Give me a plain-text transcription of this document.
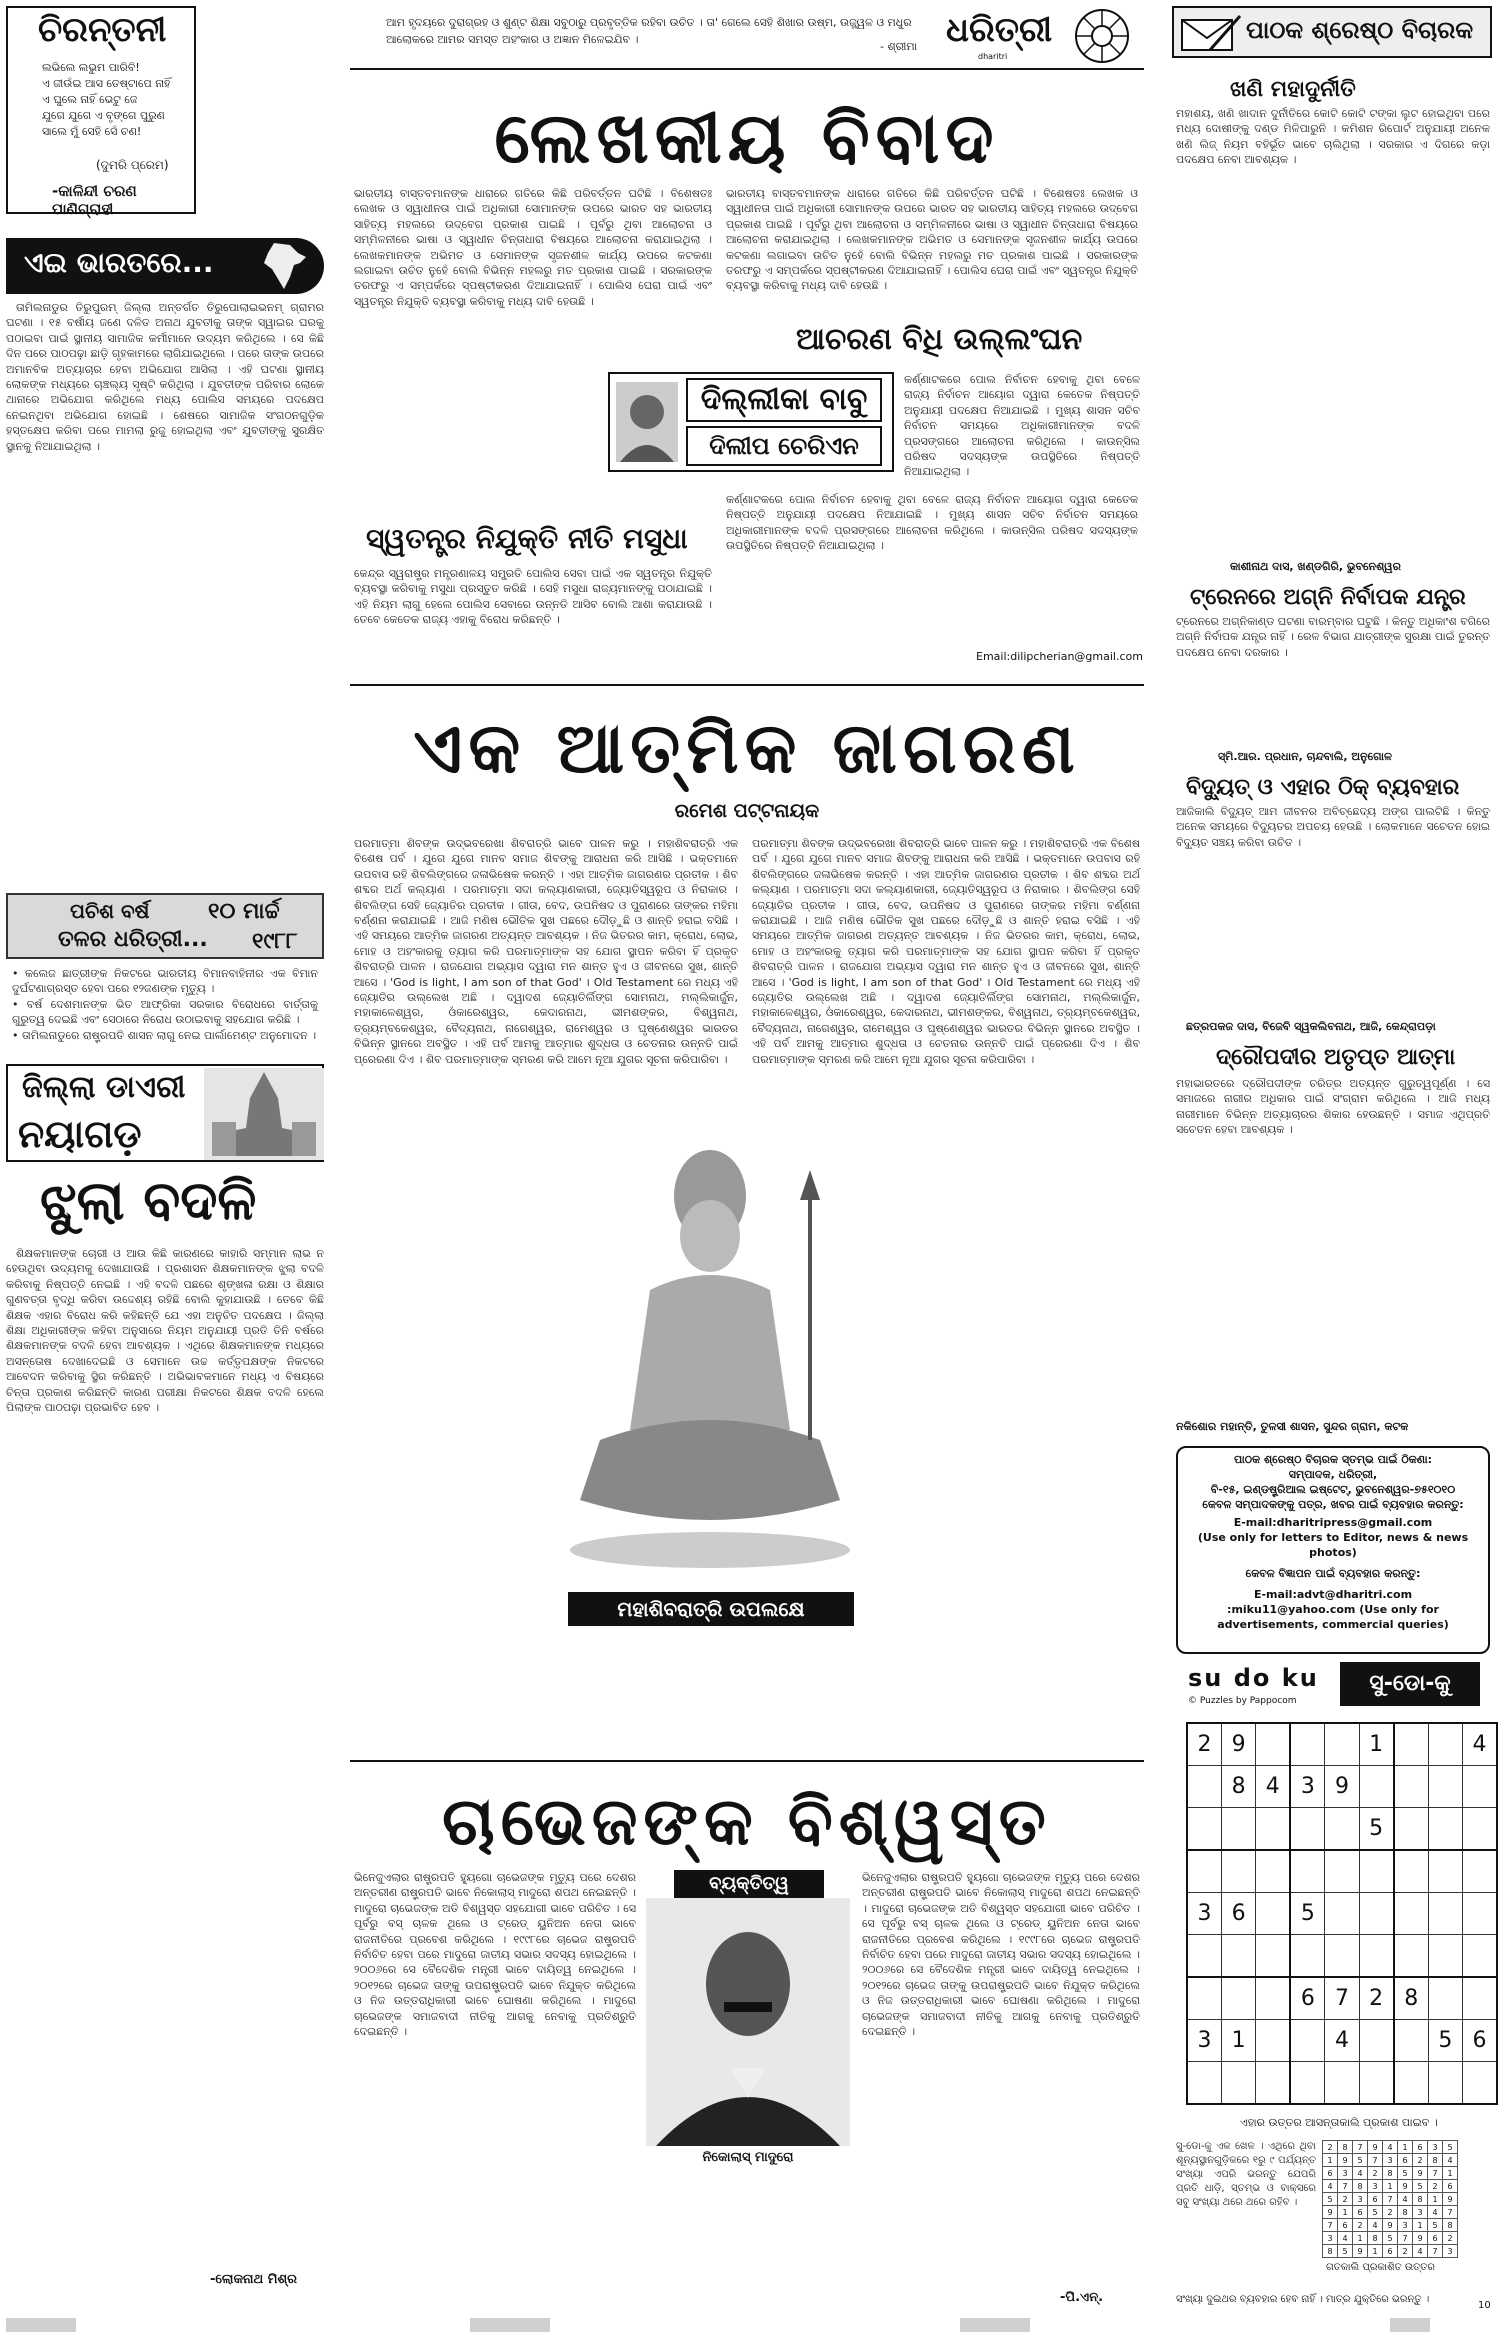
ଚିରନ୍ତନୀ
ଲଭିଲେ ଲଭୁମ ପାରିବି!
ଏ ଜୀଉଁଇ ଆସ ତେଷ୍ଟାପେ ନାହିଁ
ଏ ଘୁଲେ ନାହିଁ ଭେଟୁ ଜେ
ଯୁଗେ ଯୁଗେ ଏ ବୃଙ୍ଗେ ପୁରୁଣ
ସାଲେ ମୁଁ ସେହି ସେଁ ଚଣ!
(ଦୁମରି ପ୍ରେମ)
-କାଳିନ୍ଦୀ ଚରଣ ପାଣିଗ୍ରାହୀ
ଏଇ ଭାରତରେ...
ତାମିଲନାଡୁର ତିରୁପୁରମ୍ ଜିଲ୍ଲା ଅନ୍ତର୍ଗତ ତିରୁପୋଲାଇଭନମ୍ ଗ୍ରାମର ଘଟଣା । ୧୫ ବର୍ଷୀୟ ଜଣେ ଦଳିତ ଅନାଥ ଯୁବତୀକୁ ତାଙ୍କ ସ୍ୱାଇର ଘରକୁ ପଠାଇବା ପାଇଁ ସ୍ଥାନୀୟ ସାମାଜିକ କର୍ମୀମାନେ ଉଦ୍ୟମ କରିଥିଲେ । ସେ କିଛି ଦିନ ପରେ ପାଠପଢ଼ା ଛାଡ଼ି ଗୃହକାମରେ ଲାଗିଯାଇଥିଲେ । ପରେ ତାଙ୍କ ଉପରେ ଅମାନବିକ ଅତ୍ୟାଚାର ହେବା ଅଭିଯୋଗ ଆସିଲା । ଏହି ଘଟଣା ସ୍ଥାନୀୟ ଲୋକଙ୍କ ମଧ୍ୟରେ ଚାଞ୍ଚଲ୍ୟ ସୃଷ୍ଟି କରିଥିଲା । ଯୁବତୀଙ୍କ ପରିବାର ଲୋକେ ଥାନାରେ ଅଭିଯୋଗ କରିଥିଲେ ମଧ୍ୟ ପୋଲିସ ସମୟରେ ପଦକ୍ଷେପ ନେଇନଥିବା ଅଭିଯୋଗ ହୋଇଛି । ଶେଷରେ ସାମାଜିକ ସଂଗଠନଗୁଡ଼ିକ ହସ୍ତକ୍ଷେପ କରିବା ପରେ ମାମଲା ରୁଜୁ ହୋଇଥିଲା ଏବଂ ଯୁବତୀଙ୍କୁ ସୁରକ୍ଷିତ ସ୍ଥାନକୁ ନିଆଯାଇଥିଲା ।
ପଚିଶ ବର୍ଷ	୧୦ ମାର୍ଚ୍ଚ
ତଳର ଧରିତ୍ରୀ... ୧୯୮୮
• କଲେଜ ଛାତ୍ରୀଙ୍କ ନିକଟରେ ଭାରତୀୟ ବିମାନବାହିନୀର ଏକ ବିମାନ ଦୁର୍ଘଟଣାଗ୍ରସ୍ତ ହେବା ପରେ ୧୨ଜଣଙ୍କ ମୃତ୍ୟୁ ।
• ବର୍ଷ ଦେଶମାନଙ୍କ ଭିତ ଆଫ୍ରିକା ସରକାର ବିରୋଧରେ ବାର୍ତ୍ତାକୁ ଗୁରୁତ୍ୱ ଦେଇଛି ଏବଂ ସେଠାରେ ନିରୋଧ ଉଠାଇବାକୁ ସହଯୋଗ କରିଛି ।
• ତାମିଲନାଡୁରେ ରାଷ୍ଟ୍ରପତି ଶାସନ ଲାଗୁ ନେଇ ପାର୍ଲାମେଣ୍ଟ ଅନୁମୋଦନ ।
ଜିଲ୍ଲା ଡାଏରୀ
ନୟାଗଡ଼
ଝୁଲା ବଦଳି
ଶିକ୍ଷକମାନଙ୍କ ଚୋରୀ ଓ ଆଉ କିଛି କାରଣରେ କାହାରି ସମ୍ମାନ ଲାଭ ନ ହେଉଥିବା ଉଦ୍ୟମକୁ ଦେଖାଯାଉଛି । ପ୍ରଶାସନ ଶିକ୍ଷକମାନଙ୍କ ଝୁଲା ବଦଳି କରିବାକୁ ନିଷ୍ପତ୍ତି ନେଇଛି । ଏହି ବଦଳି ପଛରେ ଶୃଙ୍ଖଳା ରକ୍ଷା ଓ ଶିକ୍ଷାର ଗୁଣବତ୍ତା ବୃଦ୍ଧି କରିବା ଉଦ୍ଦେଶ୍ୟ ରହିଛି ବୋଲି କୁହାଯାଉଛି । ତେବେ କିଛି ଶିକ୍ଷକ ଏହାର ବିରୋଧ କରି କହିଛନ୍ତି ଯେ ଏହା ଅନୁଚିତ ପଦକ୍ଷେପ । ଜିଲ୍ଲା ଶିକ୍ଷା ଅଧିକାରୀଙ୍କ କହିବା ଅନୁସାରେ ନିୟମ ଅନୁଯାୟୀ ପ୍ରତି ତିନି ବର୍ଷରେ ଶିକ୍ଷକମାନଙ୍କ ବଦଳି ହେବା ଆବଶ୍ୟକ । ଏଥିରେ ଶିକ୍ଷକମାନଙ୍କ ମଧ୍ୟରେ ଅସନ୍ତୋଷ ଦେଖାଦେଇଛି ଓ ସେମାନେ ଉଚ୍ଚ କର୍ତ୍ତୃପକ୍ଷଙ୍କ ନିକଟରେ ଆବେଦନ କରିବାକୁ ସ୍ଥିର କରିଛନ୍ତି । ଅଭିଭାବକମାନେ ମଧ୍ୟ ଏ ବିଷୟରେ ଚିନ୍ତା ପ୍ରକାଶ କରିଛନ୍ତି କାରଣ ପରୀକ୍ଷା ନିକଟରେ ଶିକ୍ଷକ ବଦଳି ହେଲେ ପିଲାଙ୍କ ପାଠପଢ଼ା ପ୍ରଭାବିତ ହେବ ।
-ଲୋକନାଥ ମିଶ୍ର
ଆମ ହୃଦୟରେ ଦୁରାଗ୍ରହ ଓ ଶୁଣ୍ଟ ଶିକ୍ଷା ସବୁଠାରୁ ପ୍ରବୃତ୍ତିକ ରହିବା ଉଚିତ । ତା' ଗେଲେ ସେହି ଶିଖାର ଉଷ୍ମ, ଉଜ୍ଜ୍ୱଳ ଓ ମଧୁର ଆଲୋକରେ ଆମର ସମସ୍ତ ଅହଂକାର ଓ ଅଜ୍ଞାନ ମିଳେଇଯିବ ।
- ଶ୍ରୀମା ଧରିତ୍ରୀ
dharitri
ଲେଖକୀୟ ବିବାଦ
ଭାରତୀୟ ବାସ୍ତବମାନଙ୍କ ଧାରାରେ ଗତିରେ କିଛି ପରିବର୍ତ୍ତନ ଘଟିଛି । ବିଶେଷତଃ ଲେଖକ ଓ ସ୍ୱାଧୀନତା ପାଇଁ ଅଧିକାରୀ ସୋମାନଙ୍କ ଉପରେ ଭାରତ ସହ ଭାରତୀୟ ସାହିତ୍ୟ ମହଲରେ ଉଦ୍ବେଗ ପ୍ରକାଶ ପାଇଛି । ପୂର୍ବରୁ ଥିବା ଆଲୋଚନା ଓ ସମ୍ମିଳନୀରେ ଭାଷା ଓ ସ୍ୱାଧୀନ ଚିନ୍ତାଧାରା ବିଷୟରେ ଆଲୋଚନା କରାଯାଇଥିଲା । ଲେଖକମାନଙ୍କ ଅଭିମତ ଓ ସେମାନଙ୍କ ସୃଜନଶୀଳ କାର୍ଯ୍ୟ ଉପରେ କଟକଣା ଲଗାଇବା ଉଚିତ ନୁହେଁ ବୋଲି ବିଭିନ୍ନ ମହଲରୁ ମତ ପ୍ରକାଶ ପାଇଛି । ସରକାରଙ୍କ ତରଫରୁ ଏ ସମ୍ପର୍କରେ ସ୍ପଷ୍ଟୀକରଣ ଦିଆଯାଇନାହିଁ । ପୋଲିସ ଘେରା ପାଇଁ ଏବଂ ସ୍ୱତନ୍ତ୍ର ନିଯୁକ୍ତି ବ୍ୟବସ୍ଥା କରିବାକୁ ମଧ୍ୟ ଦାବି ହେଉଛି ।
ଭାରତୀୟ ବାସ୍ତବମାନଙ୍କ ଧାରାରେ ଗତିରେ କିଛି ପରିବର୍ତ୍ତନ ଘଟିଛି । ବିଶେଷତଃ ଲେଖକ ଓ ସ୍ୱାଧୀନତା ପାଇଁ ଅଧିକାରୀ ସୋମାନଙ୍କ ଉପରେ ଭାରତ ସହ ଭାରତୀୟ ସାହିତ୍ୟ ମହଲରେ ଉଦ୍ବେଗ ପ୍ରକାଶ ପାଇଛି । ପୂର୍ବରୁ ଥିବା ଆଲୋଚନା ଓ ସମ୍ମିଳନୀରେ ଭାଷା ଓ ସ୍ୱାଧୀନ ଚିନ୍ତାଧାରା ବିଷୟରେ ଆଲୋଚନା କରାଯାଇଥିଲା । ଲେଖକମାନଙ୍କ ଅଭିମତ ଓ ସେମାନଙ୍କ ସୃଜନଶୀଳ କାର୍ଯ୍ୟ ଉପରେ କଟକଣା ଲଗାଇବା ଉଚିତ ନୁହେଁ ବୋଲି ବିଭିନ୍ନ ମହଲରୁ ମତ ପ୍ରକାଶ ପାଇଛି । ସରକାରଙ୍କ ତରଫରୁ ଏ ସମ୍ପର୍କରେ ସ୍ପଷ୍ଟୀକରଣ ଦିଆଯାଇନାହିଁ । ପୋଲିସ ଘେରା ପାଇଁ ଏବଂ ସ୍ୱତନ୍ତ୍ର ନିଯୁକ୍ତି ବ୍ୟବସ୍ଥା କରିବାକୁ ମଧ୍ୟ ଦାବି ହେଉଛି ।
ଆଚରଣ ବିଧି ଉଲ୍ଲଂଘନ
ଦିଲ୍ଲୀକା ବାବୁ
ଦିଲୀପ ଚେରିଏନ
କର୍ଣ୍ଣାଟକରେ ପୋଲ ନିର୍ବାଚନ ହେବାକୁ ଥିବା ବେଳେ ରାଜ୍ୟ ନିର୍ବାଚନ ଆୟୋଗ ଦ୍ୱାରା କେତେକ ନିଷ୍ପତ୍ତି ଅନୁଯାୟୀ ପଦକ୍ଷେପ ନିଆଯାଇଛି । ମୁଖ୍ୟ ଶାସନ ସଚିବ ନିର୍ବାଚନ ସମୟରେ ଅଧିକାରୀମାନଙ୍କ ବଦଳି ପ୍ରସଙ୍ଗରେ ଆଲୋଚନା କରିଥିଲେ । କାଉନ୍ସିଲ ପରିଷଦ ସଦସ୍ୟଙ୍କ ଉପସ୍ଥିତିରେ ନିଷ୍ପତ୍ତି ନିଆଯାଇଥିଲା ।
ସ୍ୱତନ୍ତ୍ର ନିଯୁକ୍ତି ନୀତି ମସୁଧା
କେନ୍ଦ୍ର ସ୍ୱରାଷ୍ଟ୍ର ମନ୍ତ୍ରଣାଳୟ ସମ୍ପ୍ରତି ପୋଲିସ ସେବା ପାଇଁ ଏକ ସ୍ୱତନ୍ତ୍ର ନିଯୁକ୍ତି ବ୍ୟବସ୍ଥା କରିବାକୁ ମସୁଧା ପ୍ରସ୍ତୁତ କରିଛି । ସେହି ମସୁଧା ରାଜ୍ୟମାନଙ୍କୁ ପଠାଯାଇଛି । ଏହି ନିୟମ ଲାଗୁ ହେଲେ ପୋଲିସ ସେବାରେ ଉନ୍ନତି ଆସିବ ବୋଲି ଆଶା କରାଯାଉଛି । ତେବେ କେତେକ ରାଜ୍ୟ ଏହାକୁ ବିରୋଧ କରିଛନ୍ତି ।
କର୍ଣ୍ଣାଟକରେ ପୋଲ ନିର୍ବାଚନ ହେବାକୁ ଥିବା ବେଳେ ରାଜ୍ୟ ନିର୍ବାଚନ ଆୟୋଗ ଦ୍ୱାରା କେତେକ ନିଷ୍ପତ୍ତି ଅନୁଯାୟୀ ପଦକ୍ଷେପ ନିଆଯାଇଛି । ମୁଖ୍ୟ ଶାସନ ସଚିବ ନିର୍ବାଚନ ସମୟରେ ଅଧିକାରୀମାନଙ୍କ ବଦଳି ପ୍ରସଙ୍ଗରେ ଆଲୋଚନା କରିଥିଲେ । କାଉନ୍ସିଲ ପରିଷଦ ସଦସ୍ୟଙ୍କ ଉପସ୍ଥିତିରେ ନିଷ୍ପତ୍ତି ନିଆଯାଇଥିଲା ।
Email:dilipcherian@gmail.com
ଏକ ଆତ୍ମିକ ଜାଗରଣ
ରମେଶ ପଟ୍ଟନାୟକ
ପରମାତ୍ମା ଶିବଙ୍କ ଉଦ୍ଭବରେଖା ଶିବରାତ୍ରି ଭାବେ ପାଳନ କରୁ । ମହାଶିବରାତ୍ରି ଏକ ବିଶେଷ ପର୍ବ । ଯୁଗେ ଯୁଗେ ମାନବ ସମାଜ ଶିବଙ୍କୁ ଆରାଧନା କରି ଆସିଛି । ଭକ୍ତମାନେ ଉପବାସ ରହି ଶିବଲିଙ୍ଗରେ ଜଳାଭିଷେକ କରନ୍ତି । ଏହା ଆତ୍ମିକ ଜାଗରଣର ପ୍ରତୀକ । ଶିବ ଶବ୍ଦର ଅର୍ଥ କଲ୍ୟାଣ । ପରମାତ୍ମା ସଦା କଲ୍ୟାଣକାରୀ, ଜ୍ୟୋତିସ୍ୱରୂପ ଓ ନିରାକାର । ଶିବଲିଙ୍ଗ ସେହି ଜ୍ୟୋତିର ପ୍ରତୀକ । ଗୀତା, ବେଦ, ଉପନିଷଦ ଓ ପୁରାଣରେ ତାଙ୍କର ମହିମା ବର୍ଣ୍ଣନା କରାଯାଇଛି । ଆଜି ମଣିଷ ଭୌତିକ ସୁଖ ପଛରେ ଦୌଡ଼ୁଛି ଓ ଶାନ୍ତି ହରାଇ ବସିଛି । ଏହି ସମୟରେ ଆତ୍ମିକ ଜାଗରଣ ଅତ୍ୟନ୍ତ ଆବଶ୍ୟକ । ନିଜ ଭିତରର କାମ, କ୍ରୋଧ, ଲୋଭ, ମୋହ ଓ ଅହଂକାରକୁ ତ୍ୟାଗ କରି ପରମାତ୍ମାଙ୍କ ସହ ଯୋଗ ସ୍ଥାପନ କରିବା ହିଁ ପ୍ରକୃତ ଶିବରାତ୍ରି ପାଳନ । ରାଜଯୋଗ ଅଭ୍ୟାସ ଦ୍ୱାରା ମନ ଶାନ୍ତ ହୁଏ ଓ ଜୀବନରେ ସୁଖ, ଶାନ୍ତି ଆସେ । 'God is light, I am son of that God' । Old Testament ରେ ମଧ୍ୟ ଏହି ଜ୍ୟୋତିର ଉଲ୍ଲେଖ ଅଛି । ଦ୍ୱାଦଶ ଜ୍ୟୋତିର୍ଲିଙ୍ଗ ସୋମନାଥ, ମଲ୍ଲିକାର୍ଜୁନ, ମହାକାଳେଶ୍ୱର, ଓଁକାରେଶ୍ୱର, କେଦାରନାଥ, ଭୀମଶଙ୍କର, ବିଶ୍ୱନାଥ, ତ୍ର୍ୟମ୍ବକେଶ୍ୱର, ବୈଦ୍ୟନାଥ, ନାଗେଶ୍ୱର, ରାମେଶ୍ୱର ଓ ଘୃଷ୍ଣେଶ୍ୱର ଭାରତର ବିଭିନ୍ନ ସ୍ଥାନରେ ଅବସ୍ଥିତ । ଏହି ପର୍ବ ଆମକୁ ଆତ୍ମାର ଶୁଦ୍ଧତା ଓ ଚେତନାର ଉନ୍ନତି ପାଇଁ ପ୍ରେରଣା ଦିଏ । ଶିବ ପରମାତ୍ମାଙ୍କ ସ୍ମରଣ କରି ଆମେ ନୂଆ ଯୁଗର ସୂଚନା କରିପାରିବା ।
ପରମାତ୍ମା ଶିବଙ୍କ ଉଦ୍ଭବରେଖା ଶିବରାତ୍ରି ଭାବେ ପାଳନ କରୁ । ମହାଶିବରାତ୍ରି ଏକ ବିଶେଷ ପର୍ବ । ଯୁଗେ ଯୁଗେ ମାନବ ସମାଜ ଶିବଙ୍କୁ ଆରାଧନା କରି ଆସିଛି । ଭକ୍ତମାନେ ଉପବାସ ରହି ଶିବଲିଙ୍ଗରେ ଜଳାଭିଷେକ କରନ୍ତି । ଏହା ଆତ୍ମିକ ଜାଗରଣର ପ୍ରତୀକ । ଶିବ ଶବ୍ଦର ଅର୍ଥ କଲ୍ୟାଣ । ପରମାତ୍ମା ସଦା କଲ୍ୟାଣକାରୀ, ଜ୍ୟୋତିସ୍ୱରୂପ ଓ ନିରାକାର । ଶିବଲିଙ୍ଗ ସେହି ଜ୍ୟୋତିର ପ୍ରତୀକ । ଗୀତା, ବେଦ, ଉପନିଷଦ ଓ ପୁରାଣରେ ତାଙ୍କର ମହିମା ବର୍ଣ୍ଣନା କରାଯାଇଛି । ଆଜି ମଣିଷ ଭୌତିକ ସୁଖ ପଛରେ ଦୌଡ଼ୁଛି ଓ ଶାନ୍ତି ହରାଇ ବସିଛି । ଏହି ସମୟରେ ଆତ୍ମିକ ଜାଗରଣ ଅତ୍ୟନ୍ତ ଆବଶ୍ୟକ । ନିଜ ଭିତରର କାମ, କ୍ରୋଧ, ଲୋଭ, ମୋହ ଓ ଅହଂକାରକୁ ତ୍ୟାଗ କରି ପରମାତ୍ମାଙ୍କ ସହ ଯୋଗ ସ୍ଥାପନ କରିବା ହିଁ ପ୍ରକୃତ ଶିବରାତ୍ରି ପାଳନ । ରାଜଯୋଗ ଅଭ୍ୟାସ ଦ୍ୱାରା ମନ ଶାନ୍ତ ହୁଏ ଓ ଜୀବନରେ ସୁଖ, ଶାନ୍ତି ଆସେ । 'God is light, I am son of that God' । Old Testament ରେ ମଧ୍ୟ ଏହି ଜ୍ୟୋତିର ଉଲ୍ଲେଖ ଅଛି । ଦ୍ୱାଦଶ ଜ୍ୟୋତିର୍ଲିଙ୍ଗ ସୋମନାଥ, ମଲ୍ଲିକାର୍ଜୁନ, ମହାକାଳେଶ୍ୱର, ଓଁକାରେଶ୍ୱର, କେଦାରନାଥ, ଭୀମଶଙ୍କର, ବିଶ୍ୱନାଥ, ତ୍ର୍ୟମ୍ବକେଶ୍ୱର, ବୈଦ୍ୟନାଥ, ନାଗେଶ୍ୱର, ରାମେଶ୍ୱର ଓ ଘୃଷ୍ଣେଶ୍ୱର ଭାରତର ବିଭିନ୍ନ ସ୍ଥାନରେ ଅବସ୍ଥିତ । ଏହି ପର୍ବ ଆମକୁ ଆତ୍ମାର ଶୁଦ୍ଧତା ଓ ଚେତନାର ଉନ୍ନତି ପାଇଁ ପ୍ରେରଣା ଦିଏ । ଶିବ ପରମାତ୍ମାଙ୍କ ସ୍ମରଣ କରି ଆମେ ନୂଆ ଯୁଗର ସୂଚନା କରିପାରିବା ।
ମହାଶିବରାତ୍ରି ଉପଲକ୍ଷେ
ଚାଭେଜଙ୍କ ବିଶ୍ୱସ୍ତ
ଭିନେଜୁଏଲାର ରାଷ୍ଟ୍ରପତି ହ୍ୟୁଗୋ ଚାଭେଜଙ୍କ ମୃତ୍ୟୁ ପରେ ଦେଶର ଅନ୍ତରୀଣ ରାଷ୍ଟ୍ରପତି ଭାବେ ନିକୋଲାସ୍ ମାଦୁରୋ ଶପଥ ନେଇଛନ୍ତି । ମାଦୁରୋ ଚାଭେଜଙ୍କ ଅତି ବିଶ୍ୱସ୍ତ ସହଯୋଗୀ ଭାବେ ପରିଚିତ । ସେ ପୂର୍ବରୁ ବସ୍ ଚାଳକ ଥିଲେ ଓ ଟ୍ରେଡ୍ ୟୁନିଅନ ନେତା ଭାବେ ରାଜନୀତିରେ ପ୍ରବେଶ କରିଥିଲେ । ୧୯୯୮ରେ ଚାଭେଜ ରାଷ୍ଟ୍ରପତି ନିର୍ବାଚିତ ହେବା ପରେ ମାଦୁରୋ ଜାତୀୟ ସଭାର ସଦସ୍ୟ ହୋଇଥିଲେ । ୨୦୦୬ରେ ସେ ବୈଦେଶିକ ମନ୍ତ୍ରୀ ଭାବେ ଦାୟିତ୍ୱ ନେଇଥିଲେ । ୨୦୧୨ରେ ଚାଭେଜ ତାଙ୍କୁ ଉପରାଷ୍ଟ୍ରପତି ଭାବେ ନିଯୁକ୍ତ କରିଥିଲେ ଓ ନିଜ ଉତ୍ତରାଧିକାରୀ ଭାବେ ଘୋଷଣା କରିଥିଲେ । ମାଦୁରୋ ଚାଭେଜଙ୍କ ସମାଜବାଦୀ ନୀତିକୁ ଆଗକୁ ନେବାକୁ ପ୍ରତିଶ୍ରୁତି ଦେଇଛନ୍ତି ।
ବ୍ୟକ୍ତିତ୍ୱ
ନିକୋଲାସ୍ ମାଦୁରୋ
ଭିନେଜୁଏଲାର ରାଷ୍ଟ୍ରପତି ହ୍ୟୁଗୋ ଚାଭେଜଙ୍କ ମୃତ୍ୟୁ ପରେ ଦେଶର ଅନ୍ତରୀଣ ରାଷ୍ଟ୍ରପତି ଭାବେ ନିକୋଲାସ୍ ମାଦୁରୋ ଶପଥ ନେଇଛନ୍ତି । ମାଦୁରୋ ଚାଭେଜଙ୍କ ଅତି ବିଶ୍ୱସ୍ତ ସହଯୋଗୀ ଭାବେ ପରିଚିତ । ସେ ପୂର୍ବରୁ ବସ୍ ଚାଳକ ଥିଲେ ଓ ଟ୍ରେଡ୍ ୟୁନିଅନ ନେତା ଭାବେ ରାଜନୀତିରେ ପ୍ରବେଶ କରିଥିଲେ । ୧୯୯୮ରେ ଚାଭେଜ ରାଷ୍ଟ୍ରପତି ନିର୍ବାଚିତ ହେବା ପରେ ମାଦୁରୋ ଜାତୀୟ ସଭାର ସଦସ୍ୟ ହୋଇଥିଲେ । ୨୦୦୬ରେ ସେ ବୈଦେଶିକ ମନ୍ତ୍ରୀ ଭାବେ ଦାୟିତ୍ୱ ନେଇଥିଲେ । ୨୦୧୨ରେ ଚାଭେଜ ତାଙ୍କୁ ଉପରାଷ୍ଟ୍ରପତି ଭାବେ ନିଯୁକ୍ତ କରିଥିଲେ ଓ ନିଜ ଉତ୍ତରାଧିକାରୀ ଭାବେ ଘୋଷଣା କରିଥିଲେ । ମାଦୁରୋ ଚାଭେଜଙ୍କ ସମାଜବାଦୀ ନୀତିକୁ ଆଗକୁ ନେବାକୁ ପ୍ରତିଶ୍ରୁତି ଦେଇଛନ୍ତି ।
-ପି.ଏନ୍.
ପାଠକ ଶ୍ରେଷ୍ଠ ବିଚାରକ
ଖଣି ମହାଦୁର୍ନୀତି
ମହାଶୟ, ଖଣି ଖାଦାନ ଦୁର୍ନୀତିରେ କୋଟି କୋଟି ଟଙ୍କା ଲୁଟ ହୋଇଥିବା ପରେ ମଧ୍ୟ ଦୋଷୀଙ୍କୁ ଦଣ୍ଡ ମିଳିପାରୁନି । କମିଶନ ରିପୋର୍ଟ ଅନୁଯାୟୀ ଅନେକ ଖଣି ଲିଜ୍ ନିୟମ ବହିର୍ଭୂତ ଭାବେ ଚାଲିଥିଲା । ସରକାର ଏ ଦିଗରେ କଡ଼ା ପଦକ୍ଷେପ ନେବା ଆବଶ୍ୟକ ।
କାଶୀନାଥ ଦାସ, ଖଣ୍ଡଗିରି, ଭୁବନେଶ୍ୱର
ଟ୍ରେନରେ ଅଗ୍ନି ନିର୍ବାପକ ଯନ୍ତ୍ର
ଟ୍ରେନରେ ଅଗ୍ନିକାଣ୍ଡ ଘଟଣା ବାରମ୍ବାର ଘଟୁଛି । କିନ୍ତୁ ଅଧିକାଂଶ ବଗିରେ ଅଗ୍ନି ନିର୍ବାପକ ଯନ୍ତ୍ର ନାହିଁ । ରେଳ ବିଭାଗ ଯାତ୍ରୀଙ୍କ ସୁରକ୍ଷା ପାଇଁ ତୁରନ୍ତ ପଦକ୍ଷେପ ନେବା ଦରକାର ।
ସ୍ମି.ଆର. ପ୍ରଧାନ, ଚାନ୍ଦବାଲି, ଅନୁଗୋଳ
ବିଦ୍ୟୁତ୍ ଓ ଏହାର ଠିକ୍ ବ୍ୟବହାର
ଆଜିକାଲି ବିଦ୍ୟୁତ୍ ଆମ ଜୀବନର ଅବିଚ୍ଛେଦ୍ୟ ଅଙ୍ଗ ପାଲଟିଛି । କିନ୍ତୁ ଅନେକ ସମୟରେ ବିଦ୍ୟୁତର ଅପଚୟ ହେଉଛି । ଲୋକମାନେ ସଚେତନ ହୋଇ ବିଦ୍ୟୁତ ସଞ୍ଚୟ କରିବା ଉଚିତ ।
ଛତ୍ରପକଜ ଦାସ, ବିଜେବି ସ୍ୱକଲିବନାଥ, ଆଜି, କେନ୍ଦ୍ରାପଡ଼ା
ଦ୍ରୌପଦୀର ଅତୃପ୍ତ ଆତ୍ମା
ମହାଭାରତରେ ଦ୍ରୌପଦୀଙ୍କ ଚରିତ୍ର ଅତ୍ୟନ୍ତ ଗୁରୁତ୍ୱପୂର୍ଣ୍ଣ । ସେ ସମାଜରେ ନାରୀର ଅଧିକାର ପାଇଁ ସଂଗ୍ରାମ କରିଥିଲେ । ଆଜି ମଧ୍ୟ ନାରୀମାନେ ବିଭିନ୍ନ ଅତ୍ୟାଚାରର ଶିକାର ହେଉଛନ୍ତି । ସମାଜ ଏଥିପ୍ରତି ସଚେତନ ହେବା ଆବଶ୍ୟକ ।
ନକିଶୋର ମହାନ୍ତି, ତୁଳସୀ ଶାସନ, ସୁନ୍ଦର ଗ୍ରାମ, କଟକ
ପାଠକ ଶ୍ରେଷ୍ଠ ବିଚାରକ ସ୍ତମ୍ଭ ପାଇଁ ଠିକଣା:
ସମ୍ପାଦକ, ଧରିତ୍ରୀ,
ବି-୧୫, ଇଣ୍ଡଷ୍ଟ୍ରିଆଲ ଇଷ୍ଟେଟ୍, ଭୁବନେଶ୍ୱର-୭୫୧୦୧୦
କେବଳ ସମ୍ପାଦକଙ୍କୁ ପତ୍ର, ଖବର ପାଇଁ ବ୍ୟବହାର କରନ୍ତୁ:
E-mail:dharitripress@gmail.com
(Use only for letters to Editor, news & news photos)
କେବଳ ବିଜ୍ଞାପନ ପାଇଁ ବ୍ୟବହାର କରନ୍ତୁ:
E-mail:advt@dharitri.com
:miku11@yahoo.com (Use only for
advertisements, commercial queries)
su do ku
© Puzzles by Pappocom
ସୁ-ଡୋ-କୁ
2	9				1			4
	8	4	3	9				
					5			

3	6		5					

			6	7	2	8		
3	1			4			5	6

ଏହାର ଉତ୍ତର ଆସନ୍ତାକାଲି ପ୍ରକାଶ ପାଇବ ।
ସୁ-ଡୋ-କୁ ଏକ ଖେଳ । ଏଥିରେ ଥିବା ଶୂନ୍ୟସ୍ଥାନଗୁଡ଼ିକରେ ୧ରୁ ୯ ପର୍ଯ୍ୟନ୍ତ ସଂଖ୍ୟା ଏପରି ଭରନ୍ତୁ ଯେପରି ପ୍ରତି ଧାଡ଼ି, ସ୍ତମ୍ଭ ଓ ବାକ୍ସରେ ସବୁ ସଂଖ୍ୟା ଥରେ ଥରେ ରହିବ ।
2	8	7	9	4	1	6	3	5
1	9	5	7	3	6	2	8	4
6	3	4	2	8	5	9	7	1
4	7	8	3	1	9	5	2	6
5	2	3	6	7	4	8	1	9
9	1	6	5	2	8	3	4	7
7	6	2	4	9	3	1	5	8
3	4	1	8	5	7	9	6	2
8	5	9	1	6	2	4	7	3
ଗତକାଲି ପ୍ରକାଶିତ ଉତ୍ତର
ସଂଖ୍ୟା ଦୁଇଥର ବ୍ୟବହାର ହେବ ନାହିଁ । ମାତ୍ର ଯୁକ୍ତିରେ ଭରନ୍ତୁ ।
10
